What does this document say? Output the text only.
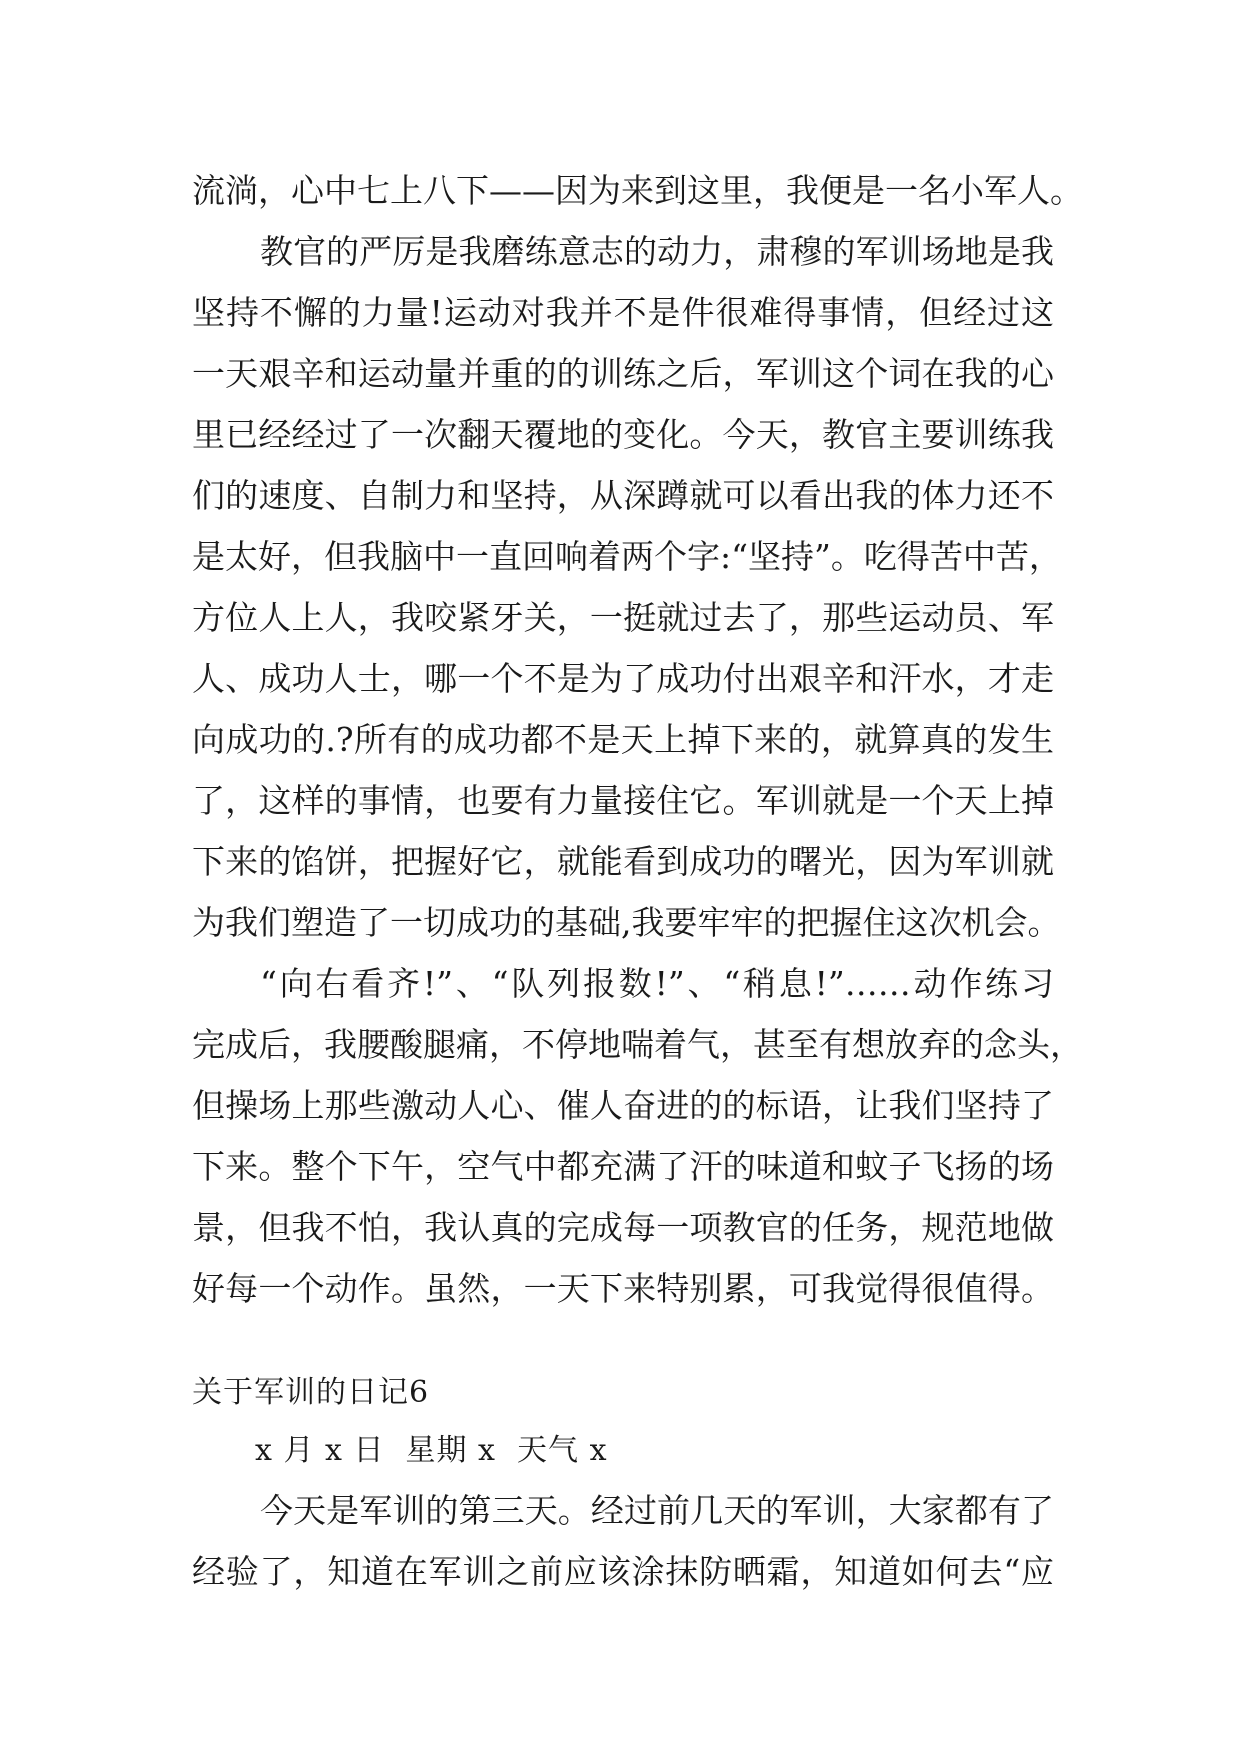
流淌，心中七上八下——因为来到这里，我便是一名小军人。
教官的严厉是我磨练意志的动力，肃穆的军训场地是我
坚持不懈的力量!运动对我并不是件很难得事情，但经过这
一天艰辛和运动量并重的的训练之后，军训这个词在我的心
里已经经过了一次翻天覆地的变化。今天，教官主要训练我
们的速度、自制力和坚持，从深蹲就可以看出我的体力还不
是太好，但我脑中一直回响着两个字:“坚持”。吃得苦中苦，
方位人上人，我咬紧牙关，一挺就过去了，那些运动员、军
人、成功人士，哪一个不是为了成功付出艰辛和汗水，才走
向成功的.?所有的成功都不是天上掉下来的，就算真的发生
了，这样的事情，也要有力量接住它。军训就是一个天上掉
下来的馅饼，把握好它，就能看到成功的曙光，因为军训就
为我们塑造了一切成功的基础,我要牢牢的把握住这次机会。
“向右看齐!”、“队列报数!”、“稍息!”……动作练习
完成后，我腰酸腿痛，不停地喘着气，甚至有想放弃的念头，
但操场上那些激动人心、催人奋进的的标语，让我们坚持了
下来。整个下午，空气中都充满了汗的味道和蚊子飞扬的场
景，但我不怕，我认真的完成每一项教官的任务，规范地做
好每一个动作。虽然，一天下来特别累，可我觉得很值得。
关于军训的日记6
x 月 x 日  星期 x  天气 x
今天是军训的第三天。经过前几天的军训，大家都有了
经验了，知道在军训之前应该涂抹防晒霜，知道如何去“应
